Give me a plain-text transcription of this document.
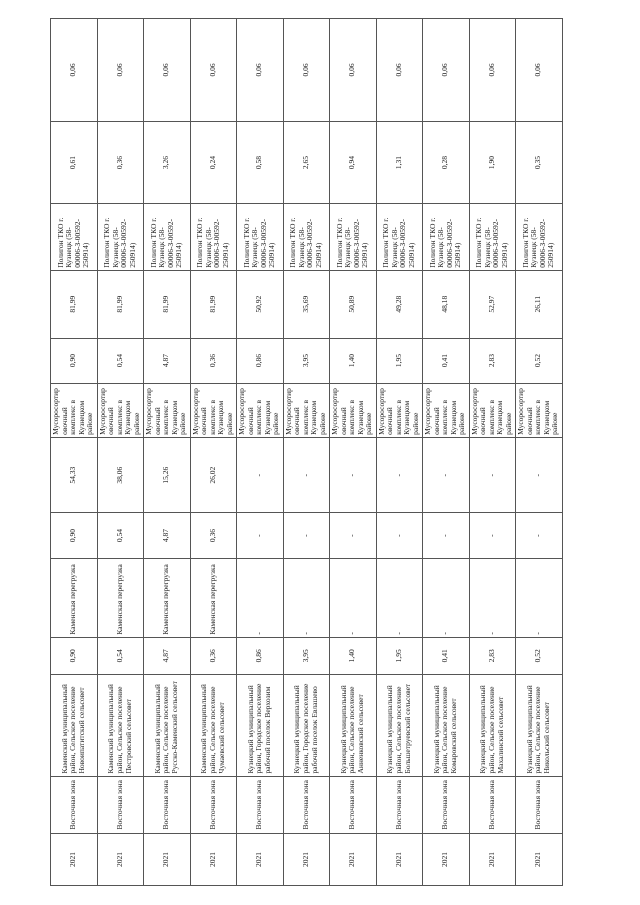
2021	Восточная зона	Каменский муниципальный район, Сельское поселение Новоипатитский сельсовет	0,90	Каменская перегрузка	0,90	54,33	Мусоросортировочный комплекс в Кузнецком районе	0,90	81,99	Полигон ТКО г. Кузнецк (58-00006-З-00592-250914)	0,61	0,06
2021	Восточная зона	Каменский муниципальный район, Сельское поселение Пестровский сельсовет	0,54	Каменская перегрузка	0,54	38,06	Мусоросортировочный комплекс в Кузнецком районе	0,54	81,99	Полигон ТКО г. Кузнецк (58-00006-З-00592-250914)	0,36	0,06
2021	Восточная зона	Каменский муниципальный район, Сельское поселение Русско-Каменский сельсовет	4,87	Каменская перегрузка	4,87	15,26	Мусоросортировочный комплекс в Кузнецком районе	4,87	81,99	Полигон ТКО г. Кузнецк (58-00006-З-00592-250914)	3,26	0,06
2021	Восточная зона	Каменский муниципальный район, Сельское поселение Чумаевский сельсовет	0,36	Каменская перегрузка	0,36	26,02	Мусоросортировочный комплекс в Кузнецком районе	0,36	81,99	Полигон ТКО г. Кузнецк (58-00006-З-00592-250914)	0,24	0,06
2021	Восточная зона	Кузнецкий муниципальный район, Городское поселение рабочий поселок Верхозим	0,86	-	-	-	Мусоросортировочный комплекс в Кузнецком районе	0,86	50,92	Полигон ТКО г. Кузнецк (58-00006-З-00592-250914)	0,58	0,06
2021	Восточная зона	Кузнецкий муниципальный район, Городское поселение рабочий поселок Евлашево	3,95	-	-	-	Мусоросортировочный комплекс в Кузнецком районе	3,95	35,69	Полигон ТКО г. Кузнецк (58-00006-З-00592-250914)	2,65	0,06
2021	Восточная зона	Кузнецкий муниципальный район, Сельское поселение Анненковский сельсовет	1,40	-	-	-	Мусоросортировочный комплекс в Кузнецком районе	1,40	50,89	Полигон ТКО г. Кузнецк (58-00006-З-00592-250914)	0,94	0,06
2021	Восточная зона	Кузнецкий муниципальный район, Сельское поселение Большетруевский сельсовет	1,95	-	-	-	Мусоросортировочный комплекс в Кузнецком районе	1,95	49,28	Полигон ТКО г. Кузнецк (58-00006-З-00592-250914)	1,31	0,06
2021	Восточная зона	Кузнецкий муниципальный район, Сельское поселение Комаровский сельсовет	0,41	-	-	-	Мусоросортировочный комплекс в Кузнецком районе	0,41	48,18	Полигон ТКО г. Кузнецк (58-00006-З-00592-250914)	0,28	0,06
2021	Восточная зона	Кузнецкий муниципальный район, Сельское поселение Махалинский сельсовет	2,83	-	-	-	Мусоросортировочный комплекс в Кузнецком районе	2,83	52,97	Полигон ТКО г. Кузнецк (58-00006-З-00592-250914)	1,90	0,06
2021	Восточная зона	Кузнецкий муниципальный район, Сельское поселение Никольский сельсовет	0,52	-	-	-	Мусоросортировочный комплекс в Кузнецком районе	0,52	26,11	Полигон ТКО г. Кузнецк (58-00006-З-00592-250914)	0,35	0,06
